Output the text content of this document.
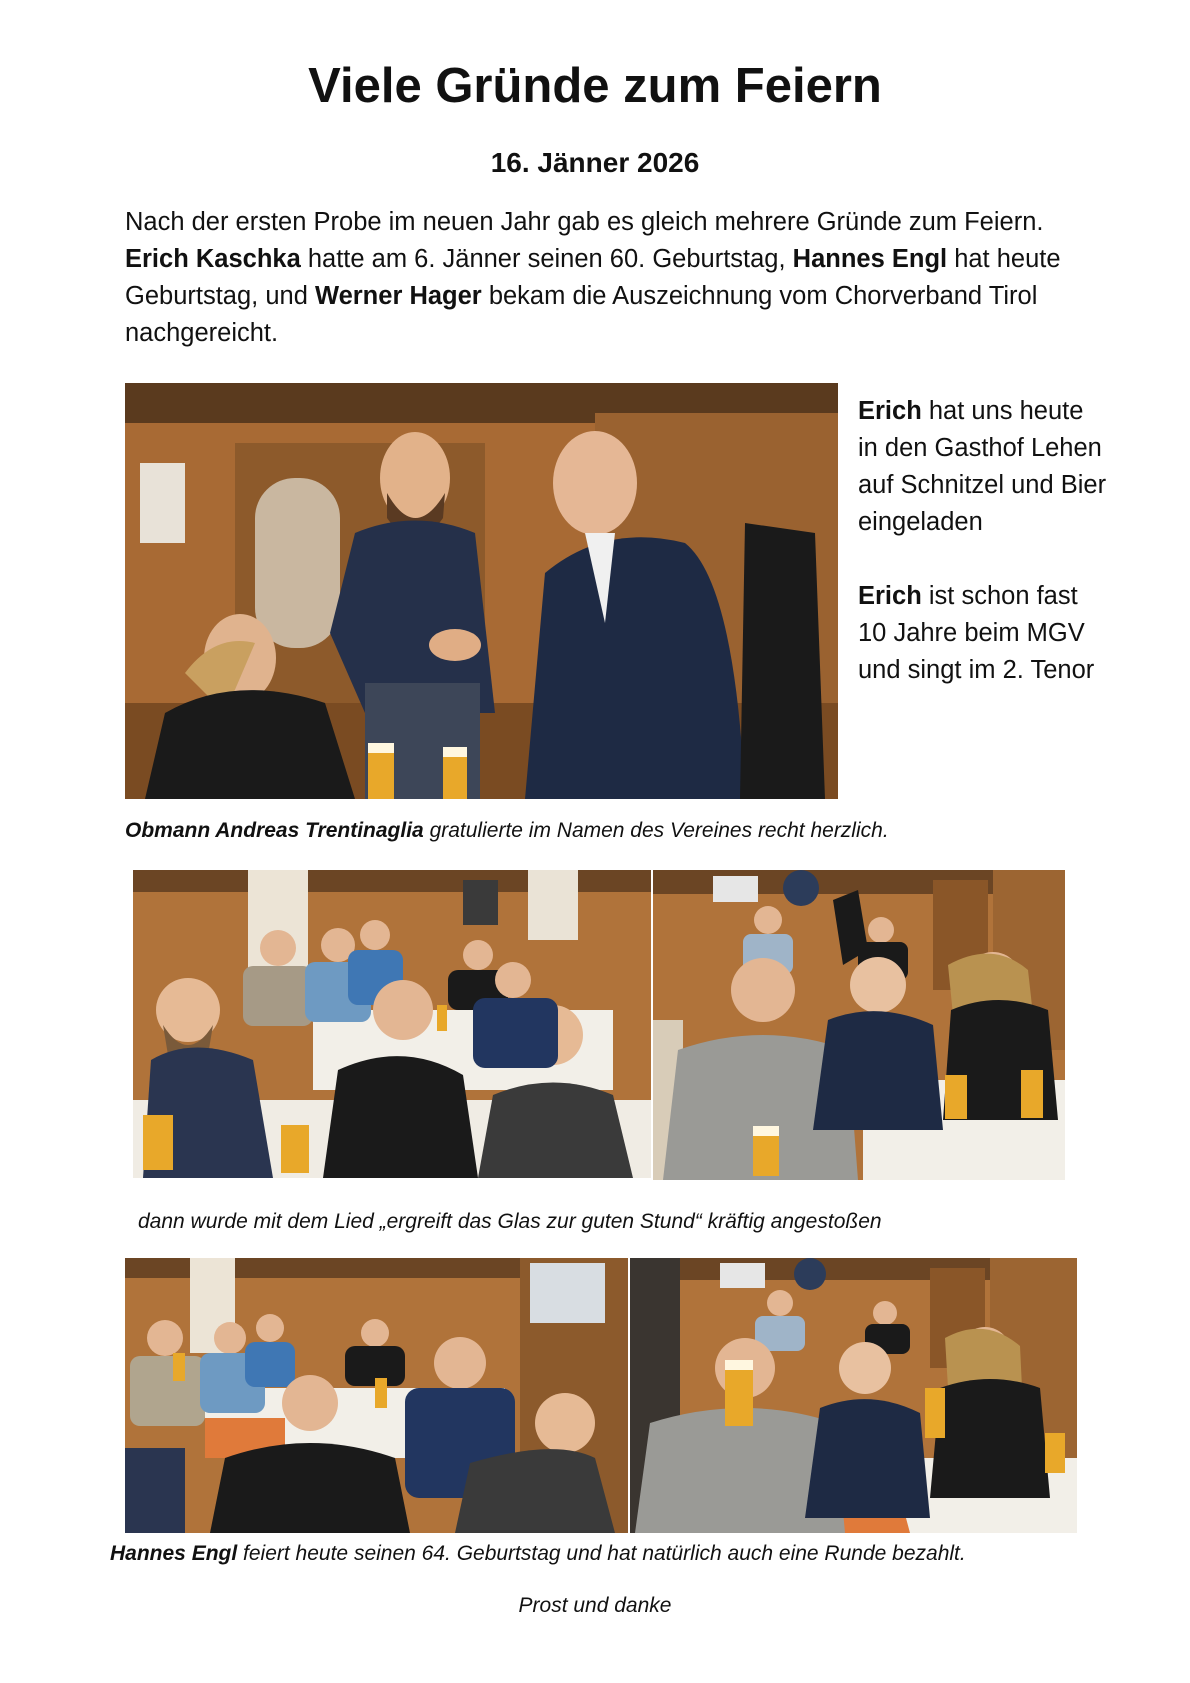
Viele Gründe zum Feiern
16. Jänner 2026

Nach der ersten Probe im neuen Jahr gab es gleich mehrere Gründe zum Feiern. Erich Kaschka hatte am 6. Jänner seinen 60. Geburtstag, Hannes Engl hat heute Geburtstag, und Werner Hager bekam die Auszeichnung vom Chorverband Tirol nachgereicht.

Erich hat uns heute in den Gasthof Lehen auf Schnitzel und Bier eingeladen

Erich ist schon fast 10 Jahre beim MGV und singt im 2. Tenor

Obmann Andreas Trentinaglia gratulierte im Namen des Vereines recht herzlich.
dann wurde mit dem Lied „ergreift das Glas zur guten Stund“ kräftig angestoßen
Hannes Engl feiert heute seinen 64. Geburtstag und hat natürlich auch eine Runde bezahlt.
Prost und danke
